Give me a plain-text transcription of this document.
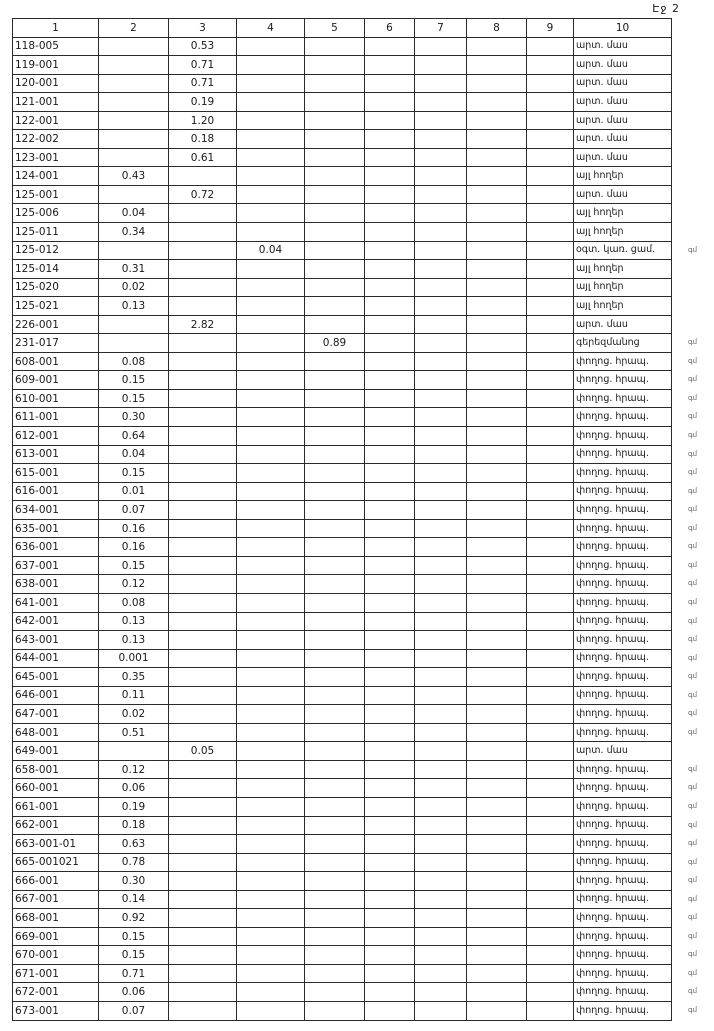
Էջ 2
1	2	3	4	5	6	7	8	9	10
118-005		0.53							արտ. մաս
119-001		0.71							արտ. մաս
120-001		0.71							արտ. մաս
121-001		0.19							արտ. մաս
122-001		1.20							արտ. մաս
122-002		0.18							արտ. մաս
123-001		0.61							արտ. մաս
124-001	0.43								այլ հողեր
125-001		0.72							արտ. մաս
125-006	0.04								այլ հողեր
125-011	0.34								այլ հողեր
125-012			0.04						օգտ. կառ. ցամ.
125-014	0.31								այլ հողեր
125-020	0.02								այլ հողեր
125-021	0.13								այլ հողեր
226-001		2.82							արտ. մաս
231-017				0.89					գերեզմանոց
608-001	0.08								փողոց. հրապ.
609-001	0.15								փողոց. հրապ.
610-001	0.15								փողոց. հրապ.
611-001	0.30								փողոց. հրապ.
612-001	0.64								փողոց. հրապ.
613-001	0.04								փողոց. հրապ.
615-001	0.15								փողոց. հրապ.
616-001	0.01								փողոց. հրապ.
634-001	0.07								փողոց. հրապ.
635-001	0.16								փողոց. հրապ.
636-001	0.16								փողոց. հրապ.
637-001	0.15								փողոց. հրապ.
638-001	0.12								փողոց. հրապ.
641-001	0.08								փողոց. հրապ.
642-001	0.13								փողոց. հրապ.
643-001	0.13								փողոց. հրապ.
644-001	0.001								փողոց. հրապ.
645-001	0.35								փողոց. հրապ.
646-001	0.11								փողոց. հրապ.
647-001	0.02								փողոց. հրապ.
648-001	0.51								փողոց. հրապ.
649-001		0.05							արտ. մաս
658-001	0.12								փողոց. հրապ.
660-001	0.06								փողոց. հրապ.
661-001	0.19								փողոց. հրապ.
662-001	0.18								փողոց. հրապ.
663-001-01	0.63								փողոց. հրապ.
665-001021	0.78								փողոց. հրապ.
666-001	0.30								փողոց. հրապ.
667-001	0.14								փողոց. հրապ.
668-001	0.92								փողոց. հրապ.
669-001	0.15								փողոց. հրապ.
670-001	0.15								փողոց. հրապ.
671-001	0.71								փողոց. հրապ.
672-001	0.06								փողոց. հրապ.
673-001	0.07								փողոց. հրապ.
գմ
գմ
գմ
գմ
գմ
գմ
գմ
գմ
գմ
գմ
գմ
գմ
գմ
գմ
գմ
գմ
գմ
գմ
գմ
գմ
գմ
գմ
գմ
գմ
գմ
գմ
գմ
գմ
գմ
գմ
գմ
գմ
գմ
գմ
գմ
գմ
գմ
